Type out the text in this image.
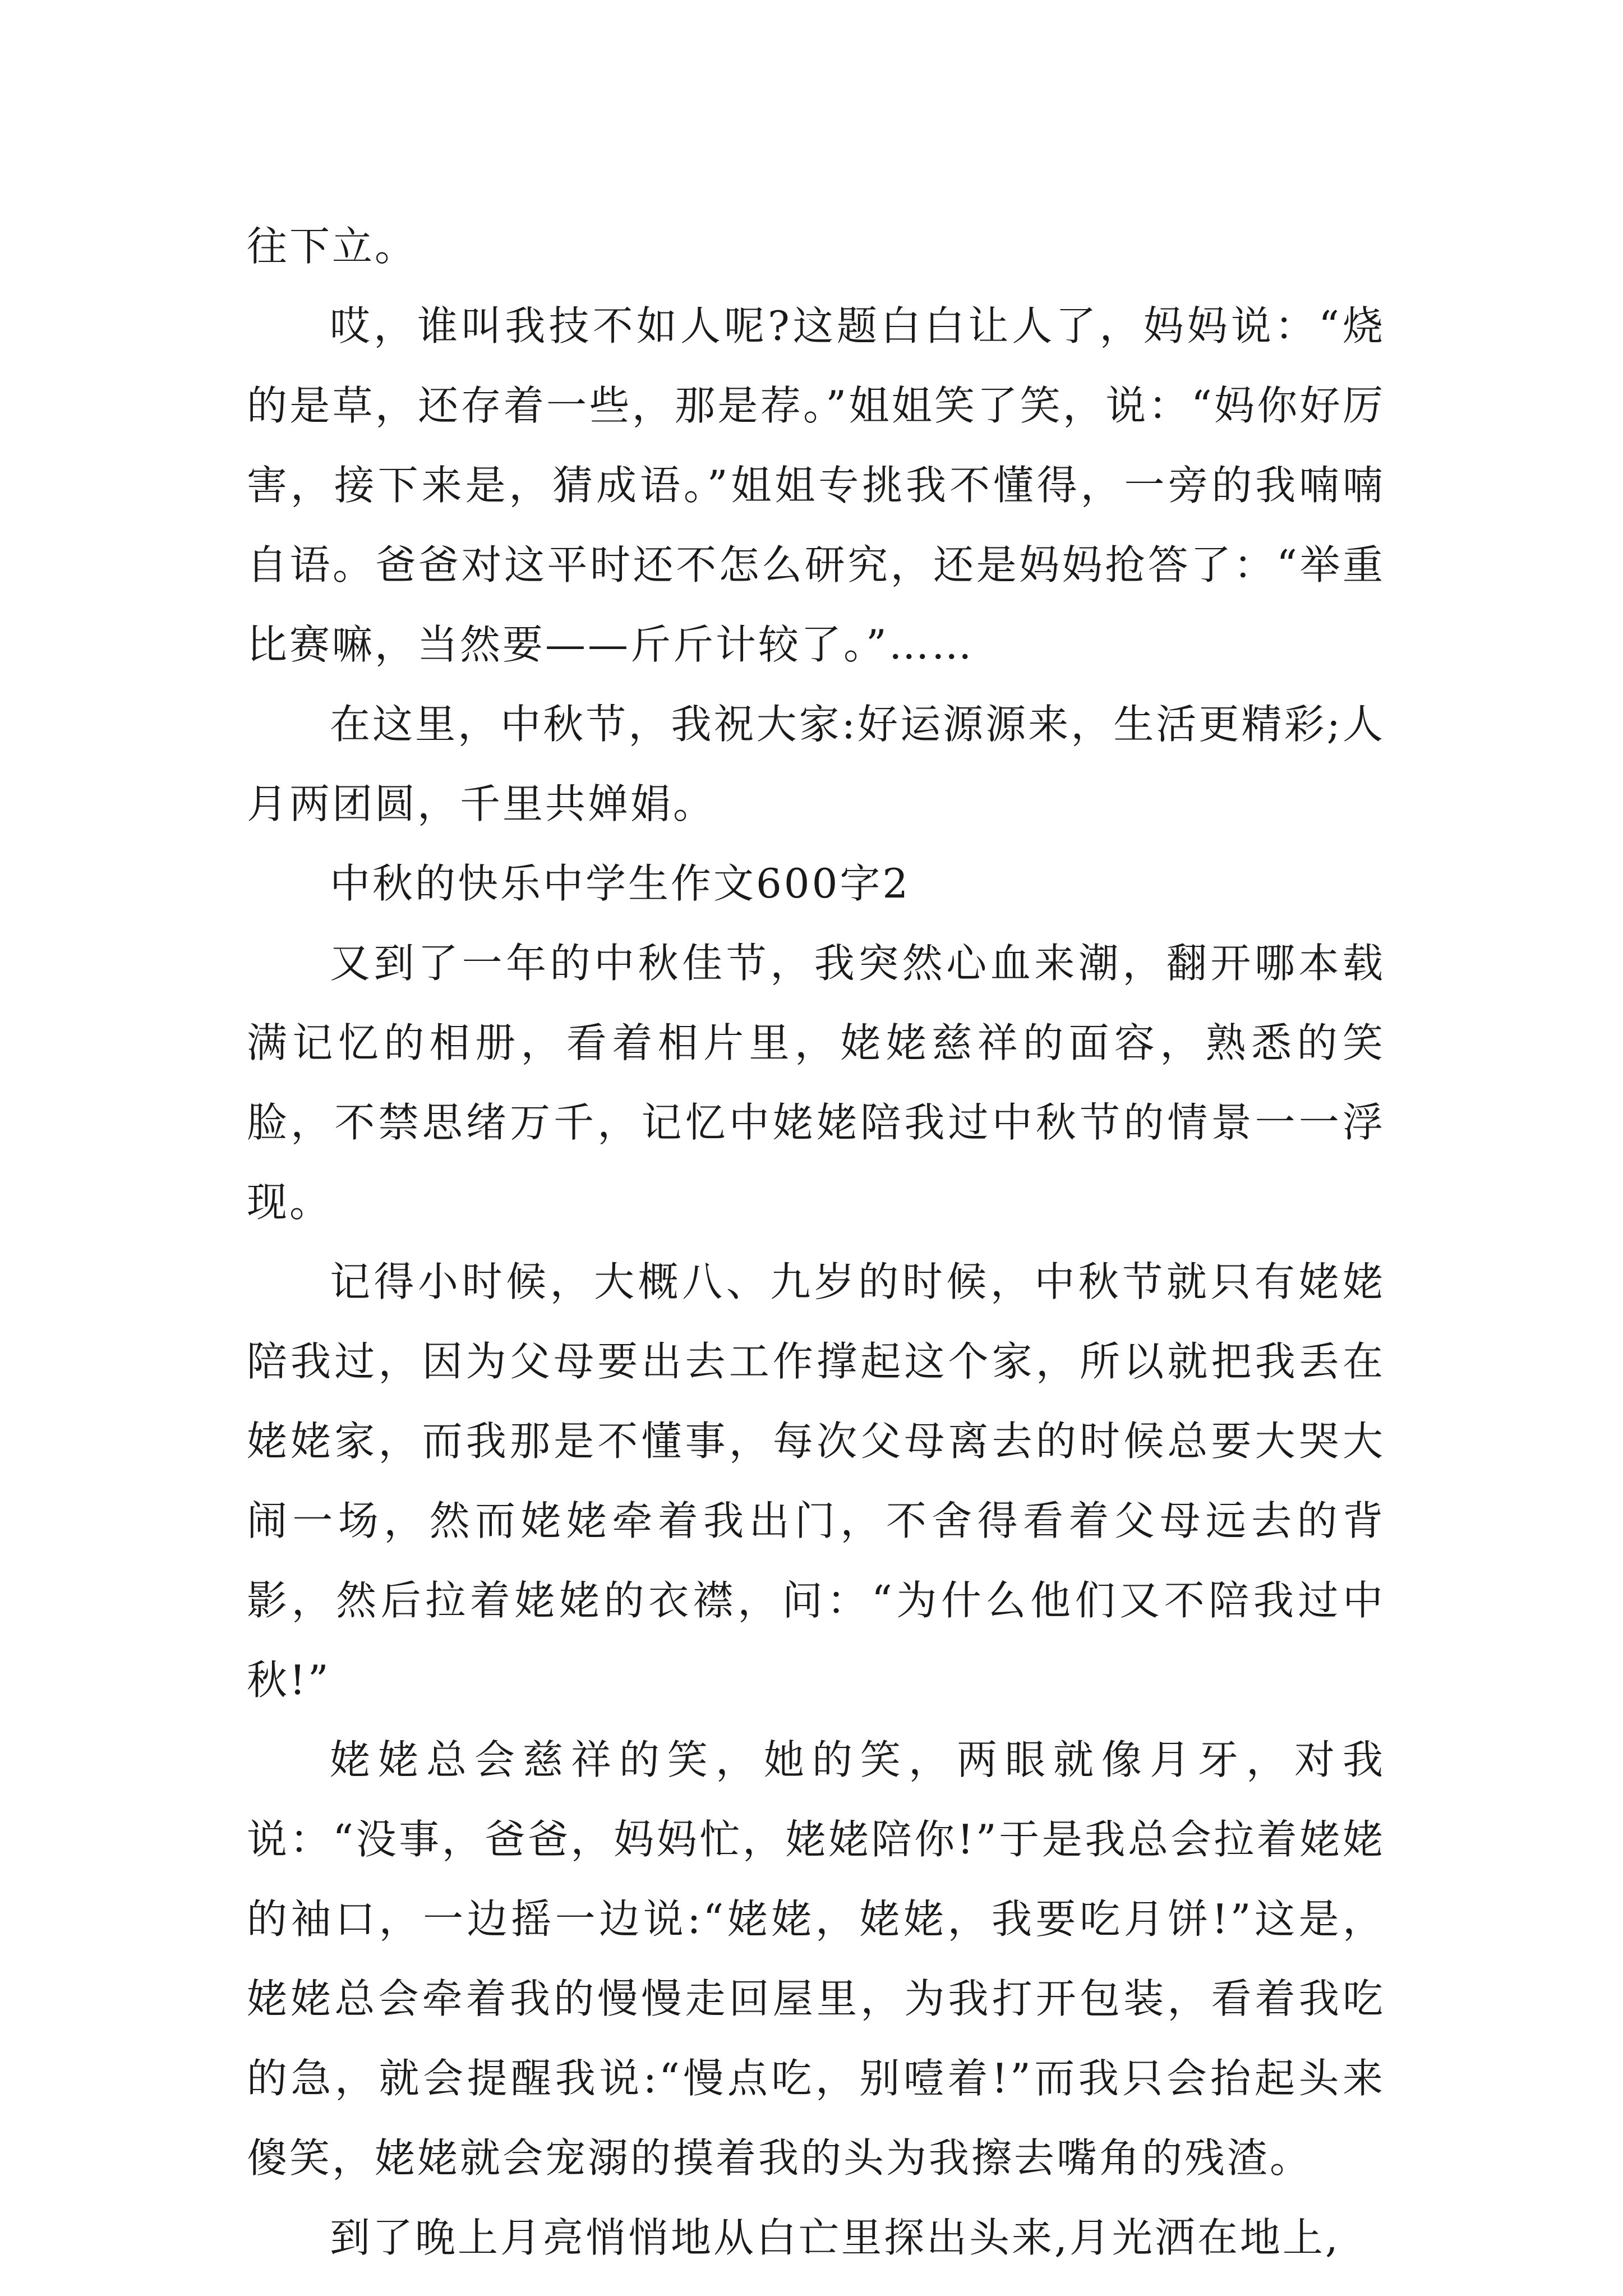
往下立。

哎，谁叫我技不如人呢?这题白白让人了，妈妈说：“烧的是草，还存着一些，那是荐。”姐姐笑了笑，说：“妈你好厉害，接下来是，猜成语。”姐姐专挑我不懂得，一旁的我喃喃自语。爸爸对这平时还不怎么研究，还是妈妈抢答了：“举重比赛嘛，当然要——斤斤计较了。”……

在这里，中秋节，我祝大家:好运源源来，生活更精彩;人月两团圆，千里共婵娟。

中秋的快乐中学生作文600字2

又到了一年的中秋佳节，我突然心血来潮，翻开哪本载满记忆的相册，看着相片里，姥姥慈祥的面容，熟悉的笑脸，不禁思绪万千，记忆中姥姥陪我过中秋节的情景一一浮现。

记得小时候，大概八、九岁的时候，中秋节就只有姥姥陪我过，因为父母要出去工作撑起这个家，所以就把我丢在姥姥家，而我那是不懂事，每次父母离去的时候总要大哭大闹一场，然而姥姥牵着我出门，不舍得看着父母远去的背影，然后拉着姥姥的衣襟，问：“为什么他们又不陪我过中秋!”

姥姥总会慈祥的笑，她的笑，两眼就像月牙，对我说：“没事，爸爸，妈妈忙，姥姥陪你!”于是我总会拉着姥姥的袖口，一边摇一边说:“姥姥，姥姥，我要吃月饼!”这是，姥姥总会牵着我的慢慢走回屋里，为我打开包装，看着我吃的急，就会提醒我说:“慢点吃，别噎着!”而我只会抬起头来傻笑，姥姥就会宠溺的摸着我的头为我擦去嘴角的残渣。

到了晚上月亮悄悄地从白亡里探出头来,月光洒在地上,
